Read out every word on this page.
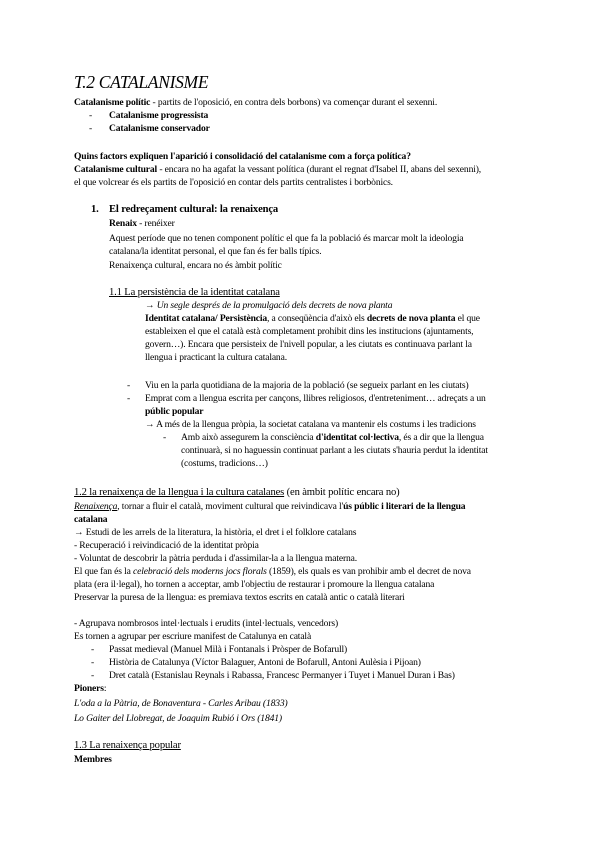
T.2 CATALANISME
Catalanisme polític - partits de l'oposició, en contra dels borbons) va començar durant el sexenni.
-
Catalanisme progressista
-
Catalanisme conservador
Quins factors expliquen l'aparició i consolidació del catalanisme com a força política?
Catalanisme cultural - encara no ha agafat la vessant política (durant el regnat d'Isabel II, abans del sexenni),
el que volcrear és els partits de l'oposició en contar dels partits centralistes i borbònics.
1. El redreçament cultural: la renaixença
Renaix - renéixer
Aquest període que no tenen component polític el que fa la població és marcar molt la ideologia
catalana/la identitat personal, el que fan és fer balls típics.
Renaixença cultural, encara no és àmbit polític
1.1 La persistència de la identitat catalana
→ Un segle després de la promulgació dels decrets de nova planta
Identitat catalana/ Persistència, a conseqüència d'això els decrets de nova planta el que
estableixen el que el català està completament prohibit dins les institucions (ajuntaments,
govern…). Encara que persisteix de l'nivell popular, a les ciutats es continuava parlant la
llengua i practicant la cultura catalana.
-
Viu en la parla quotidiana de la majoria de la població (se segueix parlant en les ciutats)
-
Emprat com a llengua escrita per cançons, llibres religiosos, d'entreteniment… adreçats a un
públic popular
→ A més de la llengua pròpia, la societat catalana va mantenir els costums i les tradicions
-
Amb això assegurem la consciència d'identitat col·lectiva, és a dir que la llengua
continuarà, si no haguessin continuat parlant a les ciutats s'hauria perdut la identitat
(costums, tradicions…)
1.2 la renaixença de la llengua i la cultura catalanes (en àmbit polític encara no)
Renaixença, tornar a fluir el català, moviment cultural que reivindicava l'ús públic i literari de la llengua
catalana
→ Estudi de les arrels de la literatura, la història, el dret i el folklore catalans
- Recuperació i reivindicació de la identitat pròpia
- Voluntat de descobrir la pàtria perduda i d'assimilar-la a la llengua materna.
El que fan és la celebració dels moderns jocs florals (1859), els quals es van prohibir amb el decret de nova
plata (era il·legal), ho tornen a acceptar, amb l'objectiu de restaurar i promoure la llengua catalana
Preservar la puresa de la llengua: es premiava textos escrits en català antic o català literari
- Agrupava nombrosos intel·lectuals i erudits (intel·lectuals, vencedors)
Es tornen a agrupar per escriure manifest de Catalunya en català
-
Passat medieval (Manuel Milà i Fontanals i Pròsper de Bofarull)
-
Història de Catalunya (Víctor Balaguer, Antoni de Bofarull, Antoni Aulèsia i Pijoan)
-
Dret català (Estanislau Reynals i Rabassa, Francesc Permanyer i Tuyet i Manuel Duran i Bas)
Pioners:
L'oda a la Pàtria, de Bonaventura - Carles Aribau (1833)
Lo Gaiter del Llobregat, de Joaquim Rubió i Ors (1841)
1.3 La renaixença popular
Membres
